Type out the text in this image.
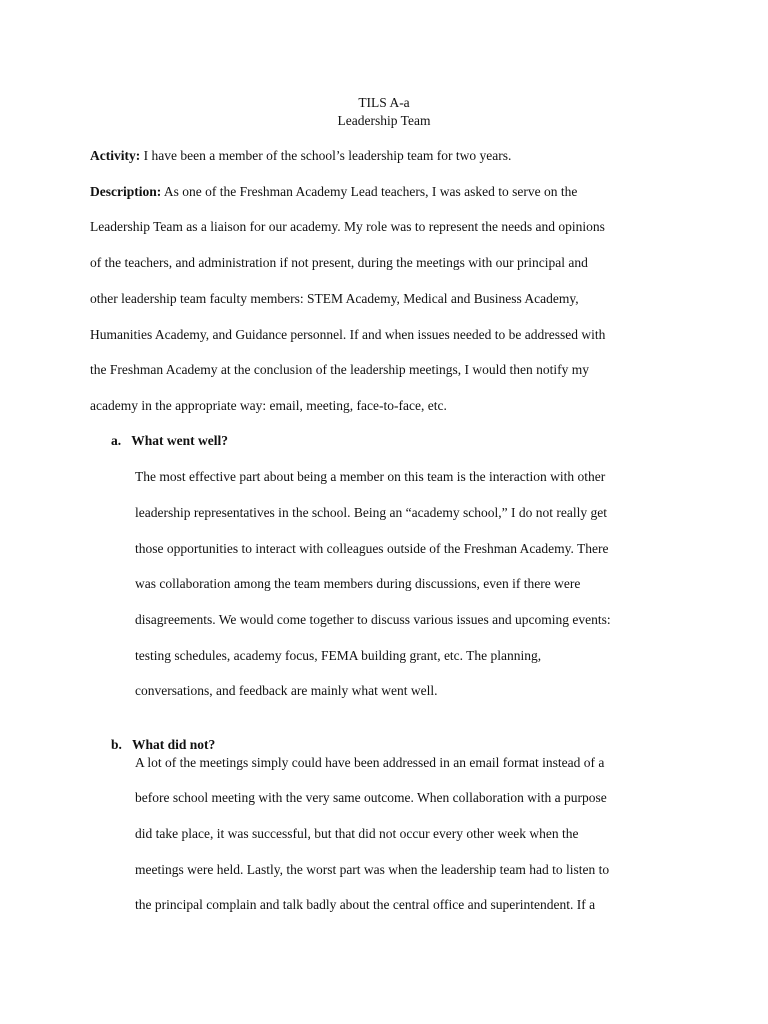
TILS A-a
Leadership Team
Activity: I have been a member of the school’s leadership team for two years.
Description: As one of the Freshman Academy Lead teachers, I was asked to serve on the
Leadership Team as a liaison for our academy. My role was to represent the needs and opinions
of the teachers, and administration if not present, during the meetings with our principal and
other leadership team faculty members: STEM Academy, Medical and Business Academy,
Humanities Academy, and Guidance personnel. If and when issues needed to be addressed with
the Freshman Academy at the conclusion of the leadership meetings, I would then notify my
academy in the appropriate way: email, meeting, face-to-face, etc.
a. What went well?
The most effective part about being a member on this team is the interaction with other
leadership representatives in the school. Being an “academy school,” I do not really get
those opportunities to interact with colleagues outside of the Freshman Academy. There
was collaboration among the team members during discussions, even if there were
disagreements. We would come together to discuss various issues and upcoming events:
testing schedules, academy focus, FEMA building grant, etc. The planning,
conversations, and feedback are mainly what went well.
b. What did not?
A lot of the meetings simply could have been addressed in an email format instead of a
before school meeting with the very same outcome. When collaboration with a purpose
did take place, it was successful, but that did not occur every other week when the
meetings were held. Lastly, the worst part was when the leadership team had to listen to
the principal complain and talk badly about the central office and superintendent. If a
